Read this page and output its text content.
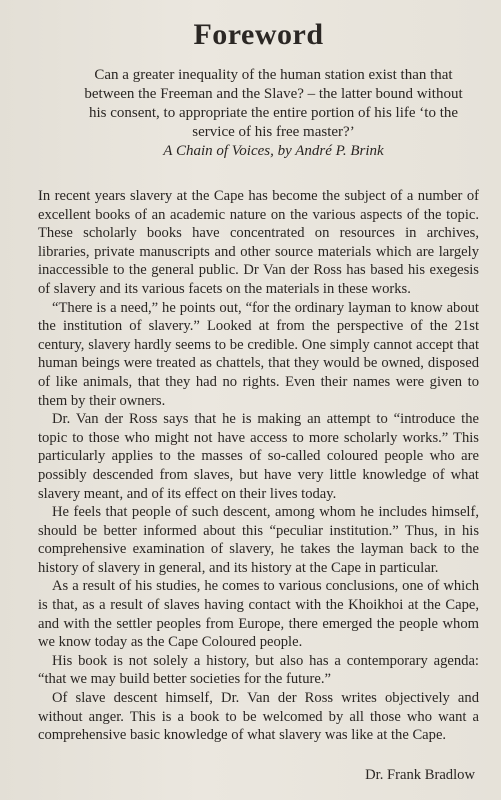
Foreword

Can a greater inequality of the human station exist than that between the Freeman and the Slave? – the latter bound without his consent, to appropriate the entire portion of his life ‘to the service of his free master?’

A Chain of Voices, by André P. Brink

In recent years slavery at the Cape has become the subject of a number of excellent books of an academic nature on the various aspects of the topic. These scholarly books have concentrated on resources in archives, libraries, private manuscripts and other source materials which are largely inaccessible to the general public. Dr Van der Ross has based his exegesis of slavery and its various facets on the materials in these works.

“There is a need,” he points out, “for the ordinary layman to know about the institution of slavery.” Looked at from the perspective of the 21st century, slavery hardly seems to be credible. One simply cannot accept that human beings were treated as chattels, that they would be owned, disposed of like animals, that they had no rights. Even their names were given to them by their owners.

Dr. Van der Ross says that he is making an attempt to “introduce the topic to those who might not have access to more scholarly works.” This particularly applies to the masses of so-called coloured people who are possibly descended from slaves, but have very little knowledge of what slavery meant, and of its effect on their lives today.

He feels that people of such descent, among whom he includes himself, should be better informed about this “peculiar institution.” Thus, in his comprehensive examination of slavery, he takes the layman back to the history of slavery in general, and its history at the Cape in particular.

As a result of his studies, he comes to various conclusions, one of which is that, as a result of slaves having contact with the Khoikhoi at the Cape, and with the settler peoples from Europe, there emerged the people whom we know today as the Cape Coloured people.

His book is not solely a history, but also has a contemporary agenda: “that we may build better societies for the future.”

Of slave descent himself, Dr. Van der Ross writes objectively and without anger. This is a book to be welcomed by all those who want a comprehensive basic knowledge of what slavery was like at the Cape.

Dr. Frank Bradlow
